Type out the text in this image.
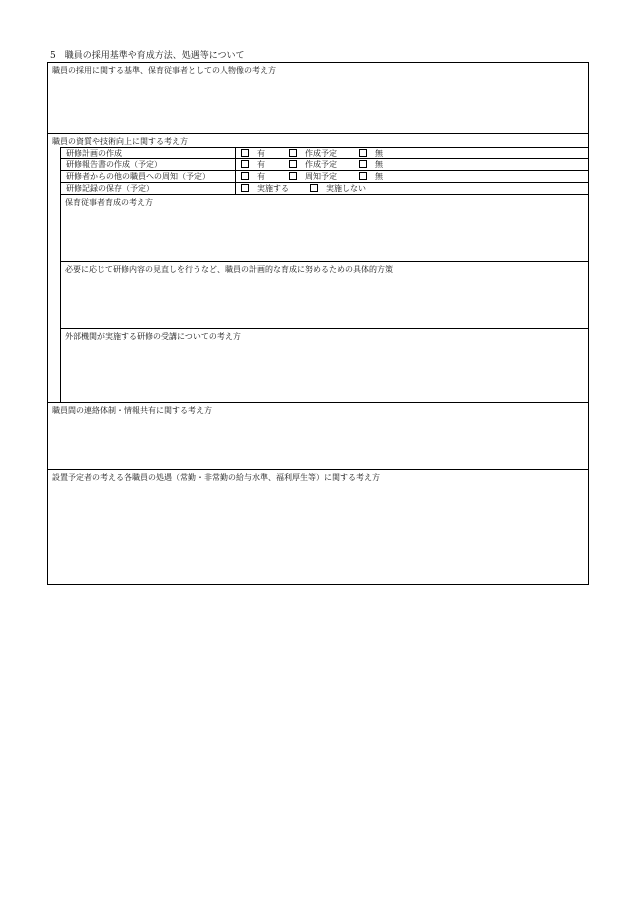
5　職員の採用基準や育成方法、処遇等について
職員の採用に関する基準、保育従事者としての人物像の考え方
職員の資質や技術向上に関する考え方
研修計画の作成	有	作成予定	無
研修報告書の作成（予定）	有	作成予定	無
研修者からの他の職員への周知（予定）	有	周知予定	無
研修記録の保存（予定）	実施する	実施しない
保育従事者育成の考え方
必要に応じて研修内容の見直しを行うなど、職員の計画的な育成に努めるための具体的方策
外部機関が実施する研修の受講についての考え方
職員間の連絡体制・情報共有に関する考え方
設置予定者の考える各職員の処遇（常勤・非常勤の給与水準、福利厚生等）に関する考え方
